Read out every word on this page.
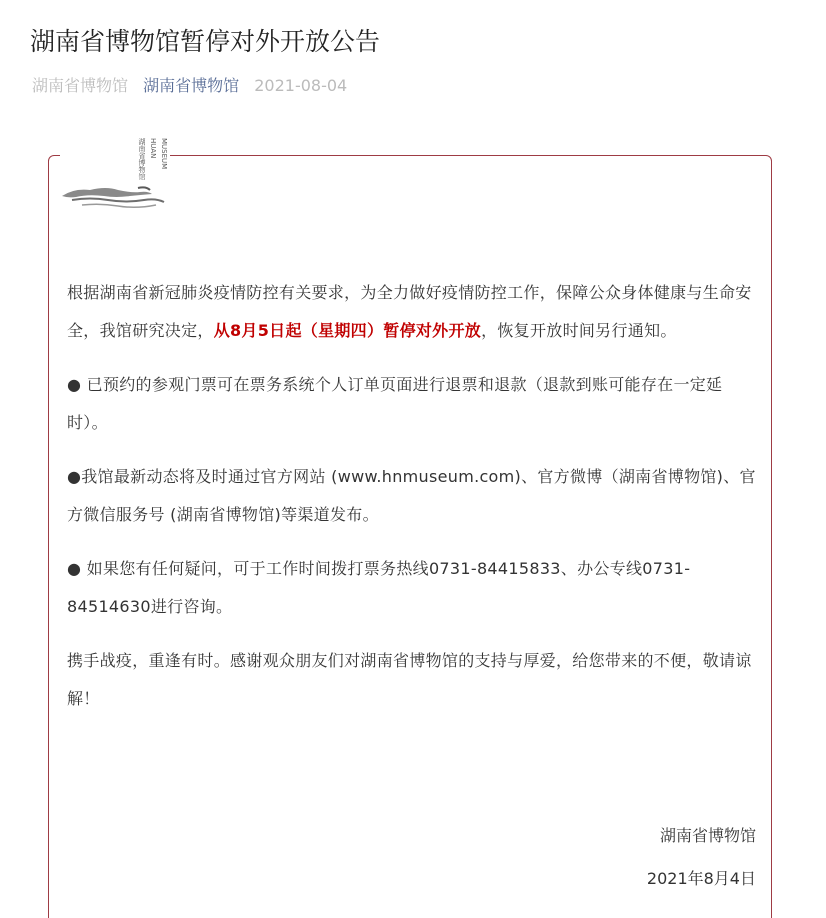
湖南省博物馆暂停对外开放公告
湖南省博物馆 湖南省博物馆 2021-08-04
湖南省博物馆 HUAN MUSEUM

根据湖南省新冠肺炎疫情防控有关要求，为全力做好疫情防控工作，保障公众身体健康与生命安全，我馆研究决定，从8月5日起（星期四）暂停对外开放，恢复开放时间另行通知。

● 已预约的参观门票可在票务系统个人订单页面进行退票和退款（退款到账可能存在一定延时）。

●我馆最新动态将及时通过官方网站 (www.hnmuseum.com)、官方微博（湖南省博物馆)、官方微信服务号 (湖南省博物馆)等渠道发布。

● 如果您有任何疑问，可于工作时间拨打票务热线0731-84415833、办公专线0731-84514630进行咨询。

携手战疫，重逢有时。感谢观众朋友们对湖南省博物馆的支持与厚爱，给您带来的不便，敬请谅解！

湖南省博物馆
2021年8月4日
